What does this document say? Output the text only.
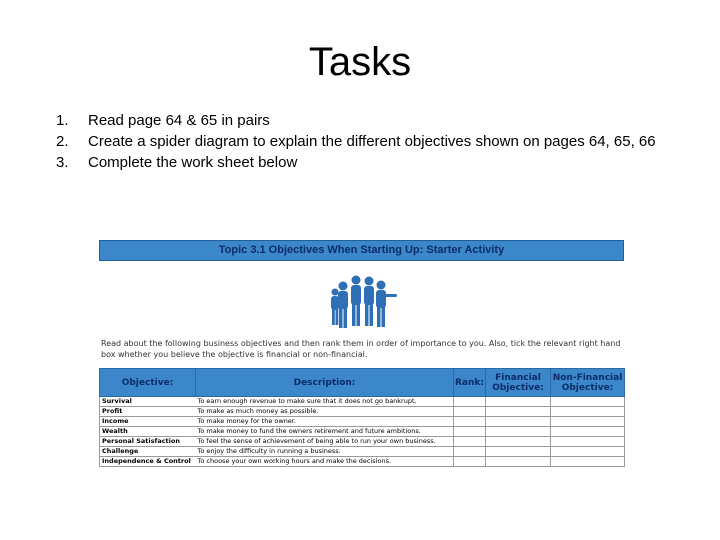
Tasks
1.	Read page 64 & 65 in pairs
2.	Create a spider diagram to explain the different objectives shown on pages 64, 65, 66
3.	Complete the work sheet below
Topic 3.1 Objectives When Starting Up: Starter Activity
Read about the following business objectives and then rank them in order of importance to you. Also, tick the relevant right hand box whether you believe the objective is financial or non-financial.
Objective:	Description:	Rank:	Financial Objective:	Non-Financial Objective:
Survival	To earn enough revenue to make sure that it does not go bankrupt.			
Profit	To make as much money as possible.			
Income	To make money for the owner.			
Wealth	To make money to fund the owners retirement and future ambitions.			
Personal Satisfaction	To feel the sense of achievement of being able to run your own business.			
Challenge	To enjoy the difficulty in running a business.			
Independence & Control	To choose your own working hours and make the decisions.			
